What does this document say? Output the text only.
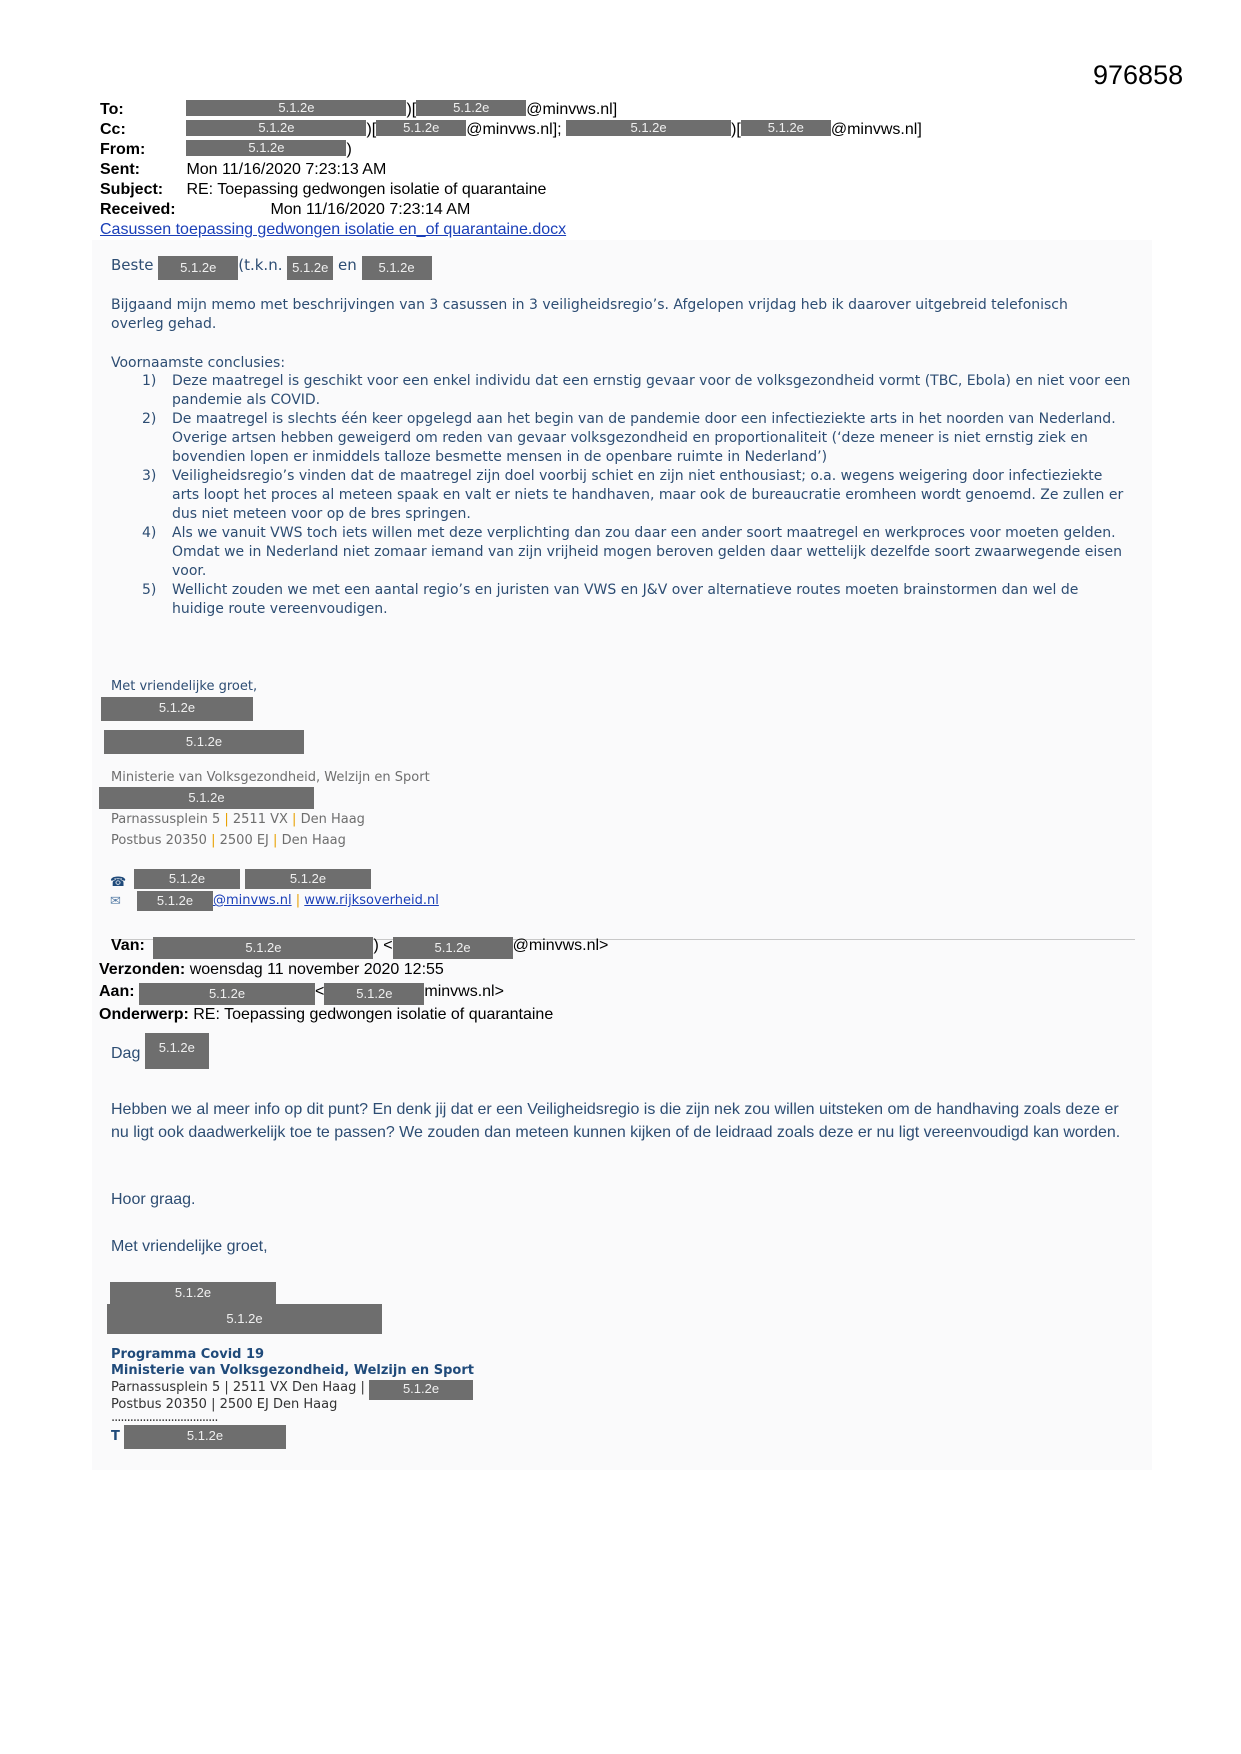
976858
To:	5.1.2e	)[	5.1.2e @minvws.nl]
Cc:	5.1.2e	)[ 5.1.2e @minvws.nl];	5.1.2e	)[ 5.1.2e @minvws.nl]
From:	5.1.2e	)
Sent:	Mon 11/16/2020 7:23:13 AM
Subject: RE: Toepassing gedwongen isolatie of quarantaine
Received:	Mon 11/16/2020 7:23:14 AM
Casussen toepassing gedwongen isolatie en_of quarantaine.docx
Beste 5.1.2e (t.k.n. 5.1.2e en 5.1.2e
Bijgaand mijn memo met beschrijvingen van 3 casussen in 3 veiligheidsregio’s. Afgelopen vrijdag heb ik daarover uitgebreid telefonisch overleg gehad.
Voornaamste conclusies:
1) Deze maatregel is geschikt voor een enkel individu dat een ernstig gevaar voor de volksgezondheid vormt (TBC, Ebola) en niet voor een pandemie als COVID.
2) De maatregel is slechts één keer opgelegd aan het begin van de pandemie door een infectieziekte arts in het noorden van Nederland. Overige artsen hebben geweigerd om reden van gevaar volksgezondheid en proportionaliteit (‘deze meneer is niet ernstig ziek en bovendien lopen er inmiddels talloze besmette mensen in de openbare ruimte in Nederland’)
3) Veiligheidsregio’s vinden dat de maatregel zijn doel voorbij schiet en zijn niet enthousiast; o.a. wegens weigering door infectieziekte arts loopt het proces al meteen spaak en valt er niets te handhaven, maar ook de bureaucratie eromheen wordt genoemd. Ze zullen er dus niet meteen voor op de bres springen.
4) Als we vanuit VWS toch iets willen met deze verplichting dan zou daar een ander soort maatregel en werkproces voor moeten gelden. Omdat we in Nederland niet zomaar iemand van zijn vrijheid mogen beroven gelden daar wettelijk dezelfde soort zwaarwegende eisen voor.
5) Wellicht zouden we met een aantal regio’s en juristen van VWS en J&V over alternatieve routes moeten brainstormen dan wel de huidige route vereenvoudigen.
Met vriendelijke groet,
5.1.2e
5.1.2e
Ministerie van Volksgezondheid, Welzijn en Sport
5.1.2e
Parnassusplein 5 | 2511 VX | Den Haag
Postbus 20350 | 2500 EJ | Den Haag
☎	5.1.2e	5.1.2e
✉	5.1.2e	@minvws.nl | www.rijksoverheid.nl
Van:	5.1.2e	) <	5.1.2e	@minvws.nl>
Verzonden: woensdag 11 november 2020 12:55
Aan:	5.1.2e	< 5.1.2e minvws.nl>
Onderwerp: RE: Toepassing gedwongen isolatie of quarantaine
Dag 5.1.2e
Hebben we al meer info op dit punt? En denk jij dat er een Veiligheidsregio is die zijn nek zou willen uitsteken om de handhaving zoals deze er nu ligt ook daadwerkelijk toe te passen? We zouden dan meteen kunnen kijken of de leidraad zoals deze er nu ligt vereenvoudigd kan worden.
Hoor graag.
Met vriendelijke groet,
5.1.2e
5.1.2e
Programma Covid 19
Ministerie van Volksgezondheid, Welzijn en Sport
Parnassusplein 5 | 2511 VX Den Haag |	5.1.2e
Postbus 20350 | 2500 EJ Den Haag
..................................
T	5.1.2e
